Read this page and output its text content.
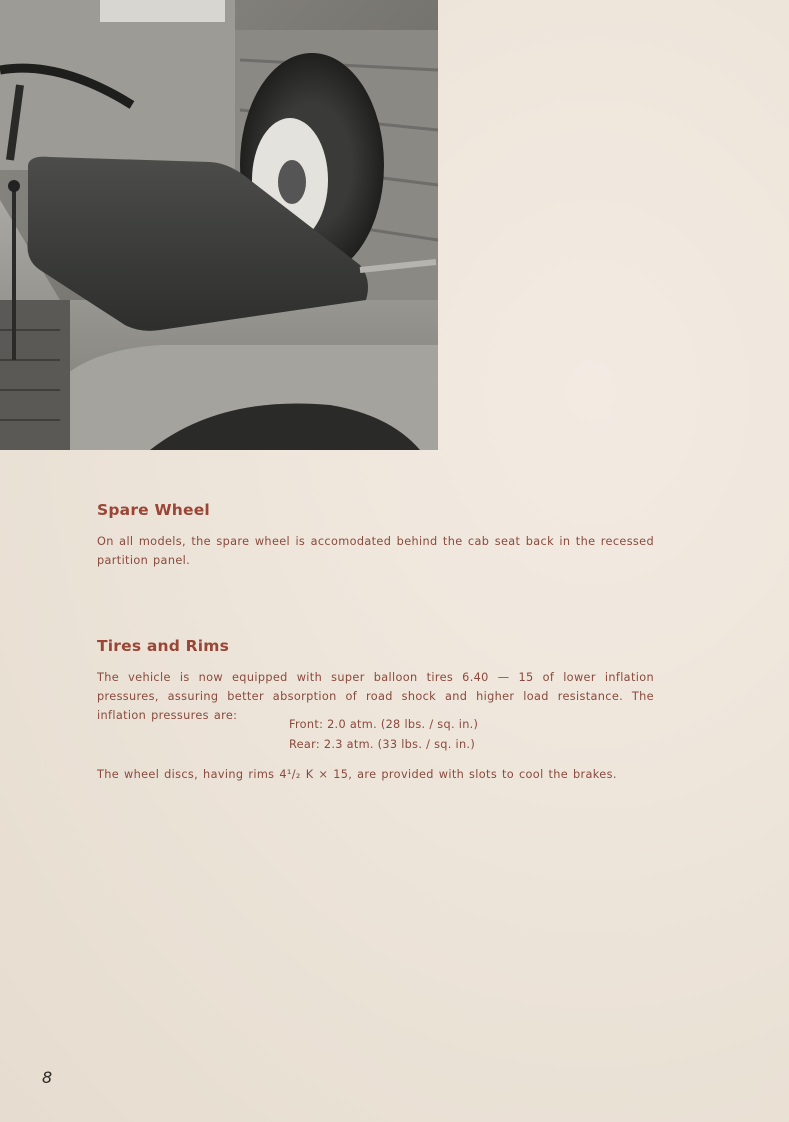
Spare Wheel

On all models, the spare wheel is accomodated behind the cab seat back in the recessed partition panel.

Tires and Rims

The vehicle is now equipped with super balloon tires 6.40 — 15 of lower inflation pressures, assuring better absorption of road shock and higher load resistance. The inflation pressures are:

Front: 2.0 atm. (28 lbs. / sq. in.)

Rear: 2.3 atm. (33 lbs. / sq. in.)

The wheel discs, having rims 4¹/₂ K × 15, are provided with slots to cool the brakes.

8
